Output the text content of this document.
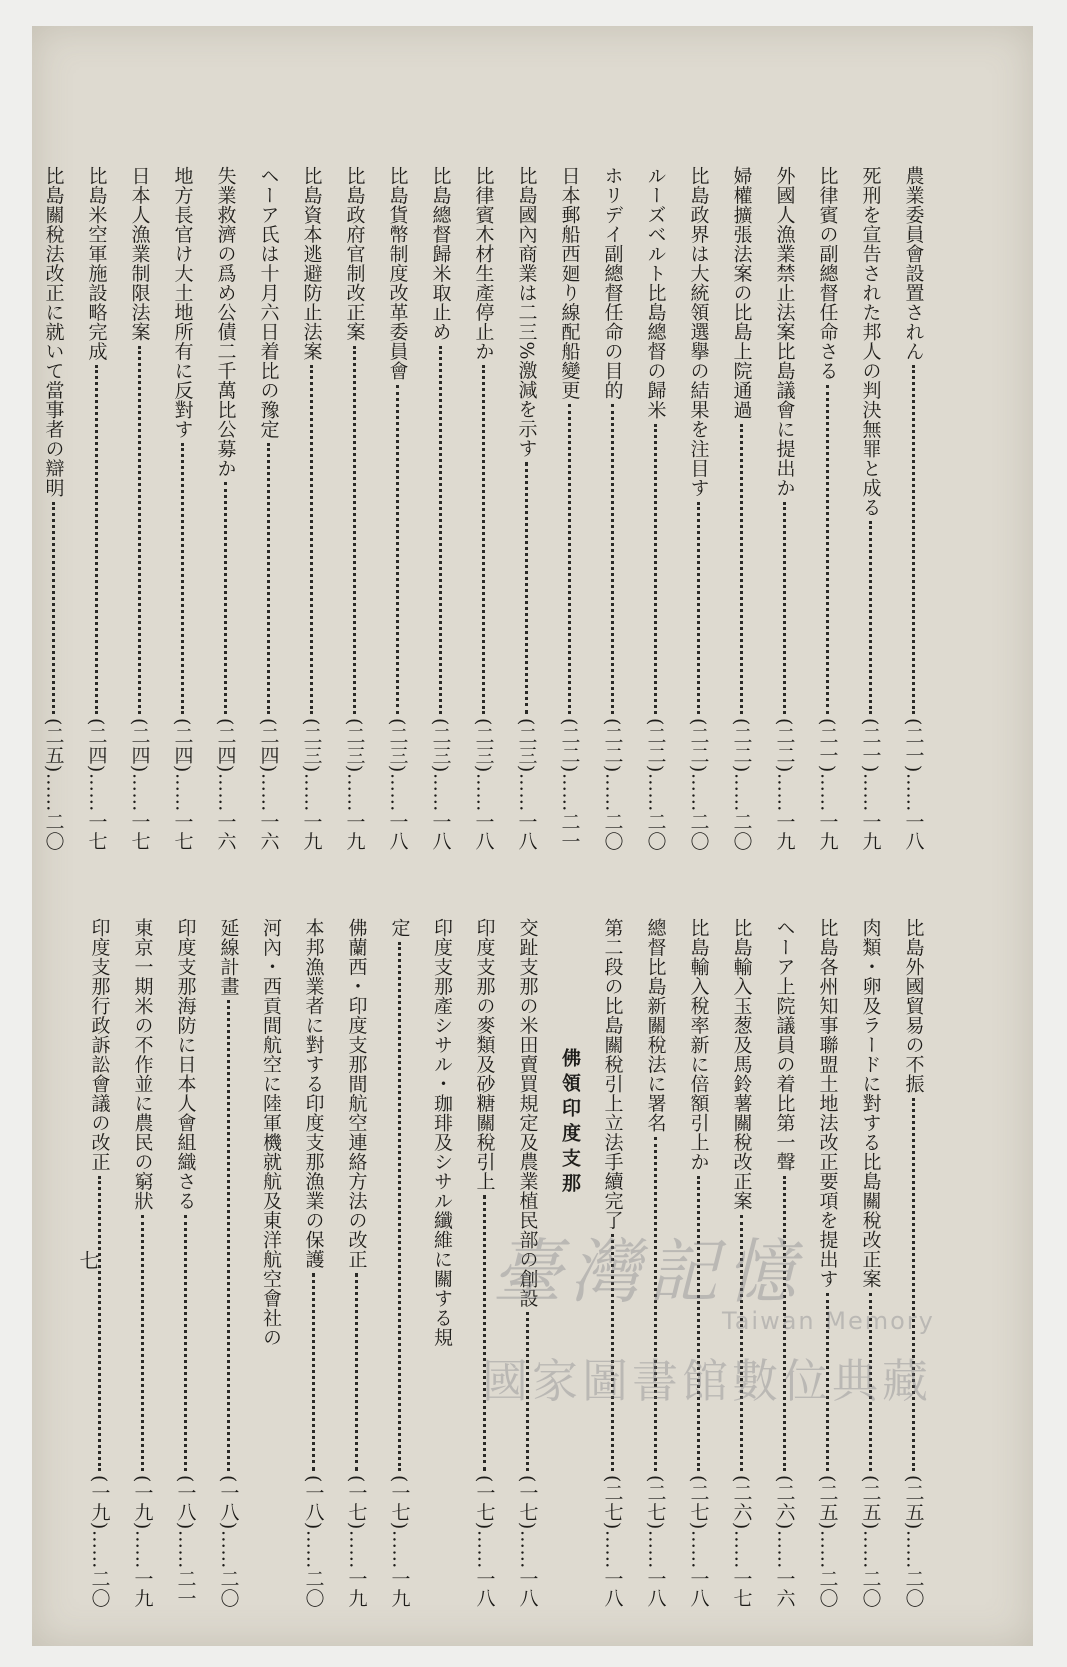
農業委員會設置されん
(二一)……一八
死刑を宣告された邦人の判決無罪と成る
(二一)……一九
比律賓の副總督任命さる
(二一)……一九
外國人漁業禁止法案比島議會に提出か
(二二)……一九
婦權擴張法案の比島上院通過
(二二)……二〇
比島政界は大統領選擧の結果を注目す
(二二)……二〇
ルーズベルト比島總督の歸米
(二二)……二〇
ホリデイ副總督任命の目的
(二二)……二〇
日本郵船西廻り線配船變更
(二二)……二一
比島國內商業は二三%激減を示す
(二三)……一八
比律賓木材生產停止か
(二三)……一八
比島總督歸米取止め
(二三)……一八
比島貨幣制度改革委員會
(二三)……一八
比島政府官制改正案
(二三)……一九
比島資本逃避防止法案
(二三)……一九
ヘーア氏は十月六日着比の豫定
(二四)……一六
失業救濟の爲め公債二千萬比公募か
(二四)……一六
地方長官け大土地所有に反對す
(二四)……一七
日本人漁業制限法案
(二四)……一七
比島米空軍施設略完成
(二四)……一七
比島關稅法改正に就いて當事者の辯明
(二五)……二〇
比島外國貿易の不振
(二五)……二〇
肉類・卵及ラードに對する比島關稅改正案
(二五)……二〇
比島各州知事聯盟土地法改正要項を提出す
(二五)……二〇
ヘーア上院議員の着比第一聲
(二六)……一六
比島輸入玉葱及馬鈴薯關稅改正案
(二六)……一七
比島輸入稅率新に倍額引上か
(二七)……一八
總督比島新關稅法に署名
(二七)……一八
第二段の比島關稅引上立法手續完了
(二七)……一八
佛領印度支那
交趾支那の米田賣買規定及農業植民部の創設
(一七)……一八
印度支那の麥類及砂糖關稅引上
(一七)……一八
印度支那產シサル・珈琲及シサル纖維に關する規
定
(一七)……一九
佛蘭西・印度支那間航空連絡方法の改正
(一七)……一九
本邦漁業者に對する印度支那漁業の保護
(一八)……二〇
河內・西貢間航空に陸軍機就航及東洋航空會社の
延線計畫
(一八)……二〇
印度支那海防に日本人會組織さる
(一八)……二一
東京一期米の不作並に農民の窮狀
(一九)……一九
印度支那行政訴訟會議の改正
(一九)……二〇
七	臺灣記憶
Taiwan Memory
國家圖書館數位典藏
